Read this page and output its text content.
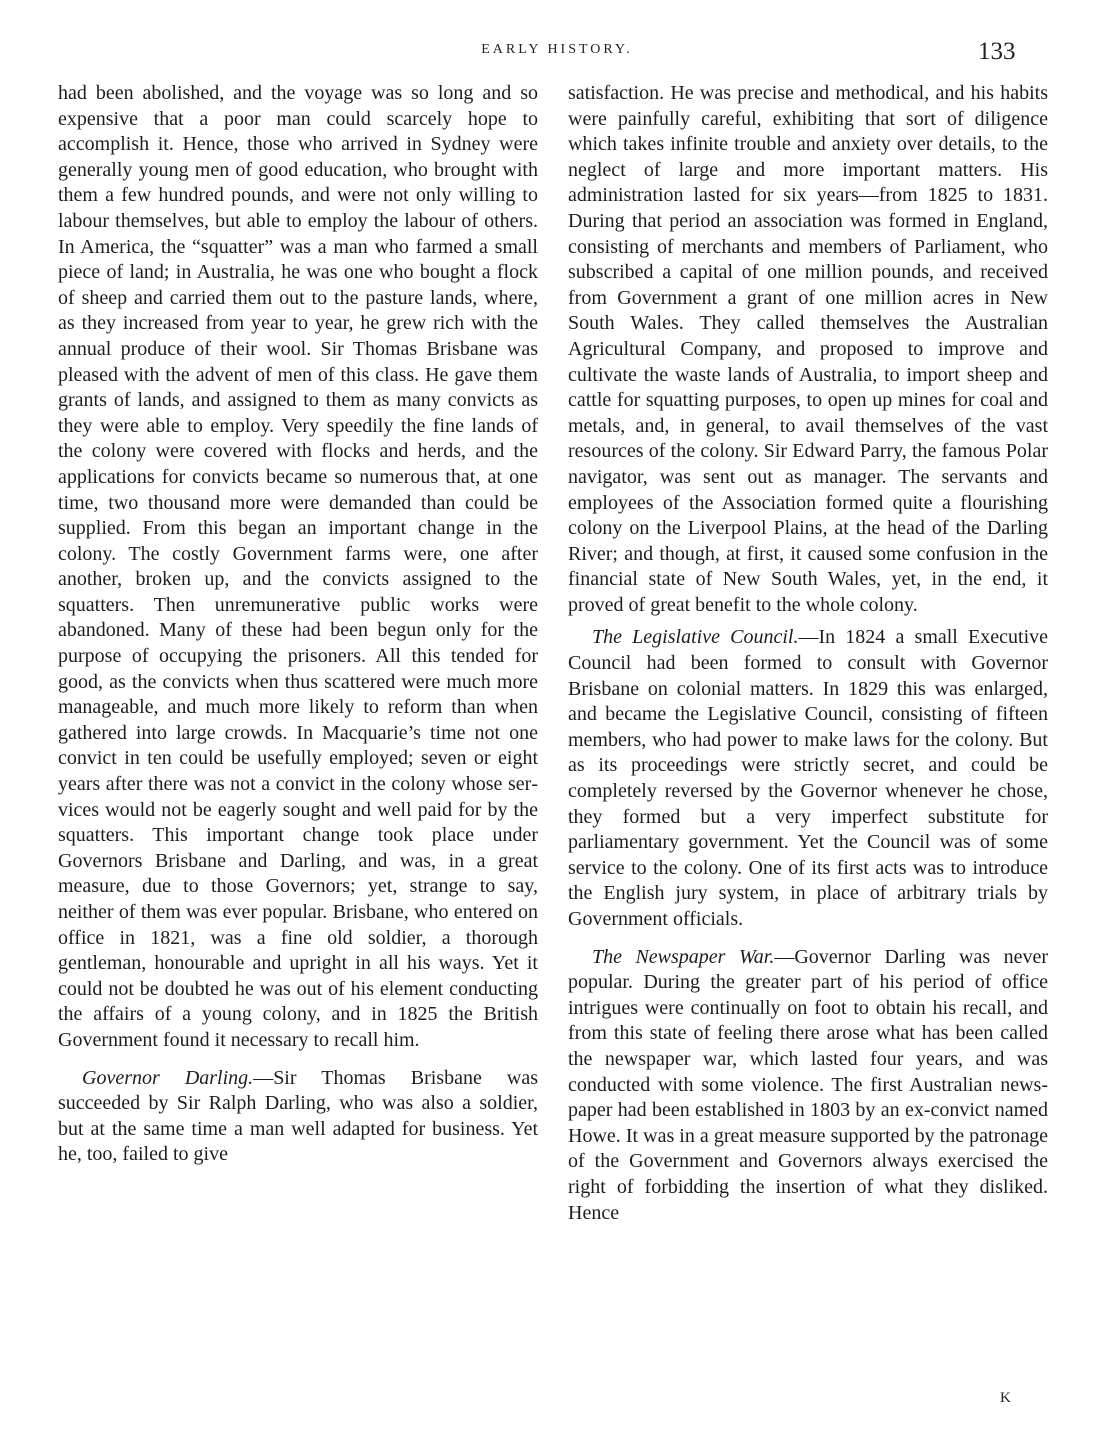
EARLY HISTORY.	133

had been abolished, and the voyage was so long and so expensive that a poor man could scarcely hope to accomplish it. Hence, those who arrived in Sydney were generally young men of good education, who brought with them a few hundred pounds, and were not only willing to labour themselves, but able to employ the labour of others. In America, the “squatter” was a man who farmed a small piece of land; in Australia, he was one who bought a flock of sheep and carried them out to the pasture lands, where, as they increased from year to year, he grew rich with the annual produce of their wool. Sir Thomas Brisbane was pleased with the advent of men of this class. He gave them grants of lands, and assigned to them as many convicts as they were able to employ. Very speedily the fine lands of the colony were covered with flocks and herds, and the applications for convicts became so numerous that, at one time, two thousand more were demanded than could be supplied. From this began an important change in the colony. The costly Government farms were, one after another, broken up, and the convicts assigned to the squatters. Then unremunerative public works were abandoned. Many of these had been begun only for the purpose of occupying the prisoners. All this tended for good, as the convicts when thus scattered were much more manageable, and much more likely to reform than when gathered into large crowds. In Macquarie’s time not one convict in ten could be usefully employed; seven or eight years after there was not a convict in the colony whose services would not be eagerly sought and well paid for by the squatters. This important change took place under Governors Brisbane and Darling, and was, in a great measure, due to those Governors; yet, strange to say, neither of them was ever popular. Brisbane, who entered on office in 1821, was a fine old soldier, a thorough gentleman, honourable and upright in all his ways. Yet it could not be doubted he was out of his element conducting the affairs of a young colony, and in 1825 the British Government found it necessary to recall him.

Governor Darling.—Sir Thomas Brisbane was succeeded by Sir Ralph Darling, who was also a soldier, but at the same time a man well adapted for business. Yet he, too, failed to give

satisfaction. He was precise and methodical, and his habits were painfully careful, exhibiting that sort of diligence which takes infinite trouble and anxiety over details, to the neglect of large and more important matters. His administration lasted for six years—from 1825 to 1831. During that period an association was formed in England, consisting of merchants and members of Parliament, who subscribed a capital of one million pounds, and received from Government a grant of one million acres in New South Wales. They called themselves the Australian Agricultural Company, and proposed to improve and cultivate the waste lands of Australia, to import sheep and cattle for squatting purposes, to open up mines for coal and metals, and, in general, to avail themselves of the vast resources of the colony. Sir Edward Parry, the famous Polar navigator, was sent out as manager. The servants and employees of the Association formed quite a flourishing colony on the Liverpool Plains, at the head of the Darling River; and though, at first, it caused some confusion in the financial state of New South Wales, yet, in the end, it proved of great benefit to the whole colony.

The Legislative Council.—In 1824 a small Executive Council had been formed to consult with Governor Brisbane on colonial matters. In 1829 this was enlarged, and became the Legislative Council, consisting of fifteen members, who had power to make laws for the colony. But as its proceedings were strictly secret, and could be completely reversed by the Governor whenever he chose, they formed but a very imperfect substitute for parliamentary government. Yet the Council was of some service to the colony. One of its first acts was to introduce the English jury system, in place of arbitrary trials by Government officials.

The Newspaper War.—Governor Darling was never popular. During the greater part of his period of office intrigues were continually on foot to obtain his recall, and from this state of feeling there arose what has been called the newspaper war, which lasted four years, and was conducted with some violence. The first Australian newspaper had been established in 1803 by an ex-convict named Howe. It was in a great measure supported by the patronage of the Government and Governors always exercised the right of forbidding the insertion of what they disliked. Hence

K
